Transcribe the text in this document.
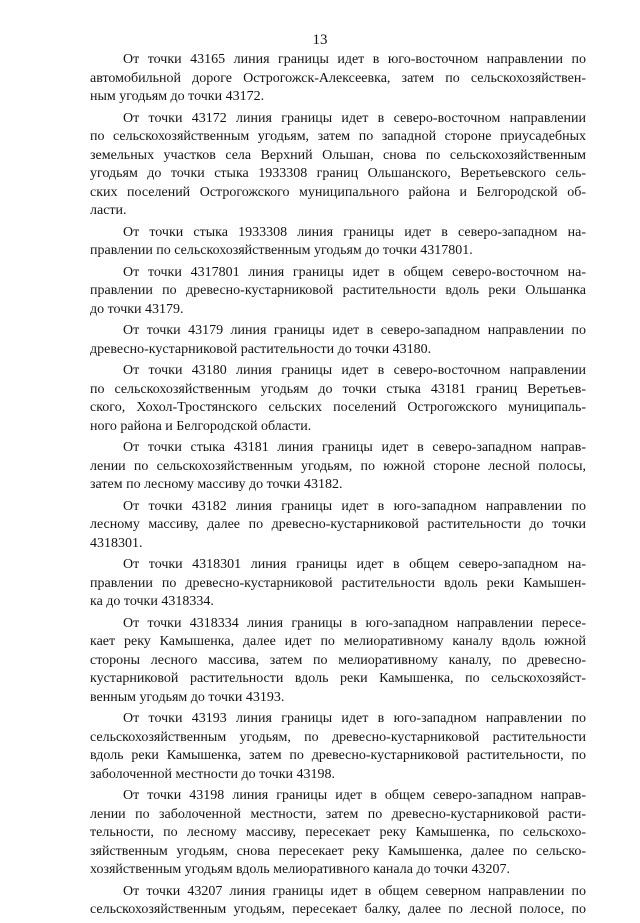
13
От точки 43165 линия границы идет в юго-восточном направлении по
автомобильной дороге Острогожск-Алексеевка, затем по сельскохозяйствен-
ным угодьям до точки 43172.
От точки 43172 линия границы идет в северо-восточном направлении
по сельскохозяйственным угодьям, затем по западной стороне приусадебных
земельных участков села Верхний Ольшан, снова по сельскохозяйственным
угодьям до точки стыка 1933308 границ Ольшанского, Веретьевского сель-
ских поселений Острогожского муниципального района и Белгородской об-
ласти.
От точки стыка 1933308 линия границы идет в северо-западном на-
правлении по сельскохозяйственным угодьям до точки 4317801.
От точки 4317801 линия границы идет в общем северо-восточном на-
правлении по древесно-кустарниковой растительности вдоль реки Ольшанка
до точки 43179.
От точки 43179 линия границы идет в северо-западном направлении по
древесно-кустарниковой растительности до точки 43180.
От точки 43180 линия границы идет в северо-восточном направлении
по сельскохозяйственным угодьям до точки стыка 43181 границ Веретьев-
ского, Хохол-Тростянского сельских поселений Острогожского муниципаль-
ного района и Белгородской области.
От точки стыка 43181 линия границы идет в северо-западном направ-
лении по сельскохозяйственным угодьям, по южной стороне лесной полосы,
затем по лесному массиву до точки 43182.
От точки 43182 линия границы идет в юго-западном направлении по
лесному массиву, далее по древесно-кустарниковой растительности до точки
4318301.
От точки 4318301 линия границы идет в общем северо-западном на-
правлении по древесно-кустарниковой растительности вдоль реки Камышен-
ка до точки 4318334.
От точки 4318334 линия границы в юго-западном направлении пересе-
кает реку Камышенка, далее идет по мелиоративному каналу вдоль южной
стороны лесного массива, затем по мелиоративному каналу, по древесно-
кустарниковой растительности вдоль реки Камышенка, по сельскохозяйст-
венным угодьям до точки 43193.
От точки 43193 линия границы идет в юго-западном направлении по
сельскохозяйственным угодьям, по древесно-кустарниковой растительности
вдоль реки Камышенка, затем по древесно-кустарниковой растительности, по
заболоченной местности до точки 43198.
От точки 43198 линия границы идет в общем северо-западном направ-
лении по заболоченной местности, затем по древесно-кустарниковой расти-
тельности, по лесному массиву, пересекает реку Камышенка, по сельскохо-
зяйственным угодьям, снова пересекает реку Камышенка, далее по сельско-
хозяйственным угодьям вдоль мелиоративного канала до точки 43207.
От точки 43207 линия границы идет в общем северном направлении по
сельскохозяйственным угодьям, пересекает балку, далее по лесной полосе, по
